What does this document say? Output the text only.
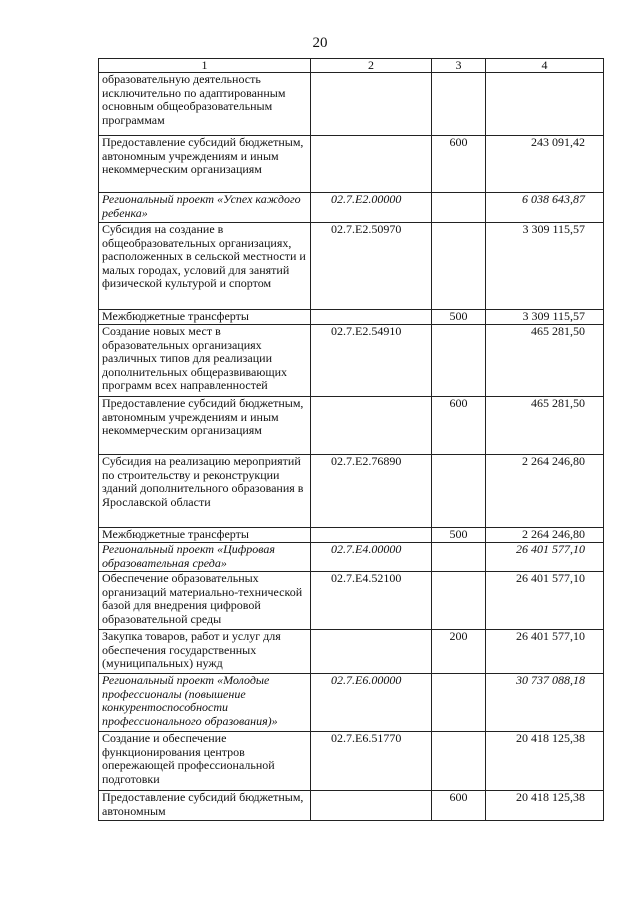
20
1	2	3	4
образовательную деятельность исключительно по адаптированным основным общеобразовательным программам			
Предоставление субсидий бюджетным, автономным учреждениям и иным некоммерческим организациям		600	243 091,42
Региональный проект «Успех каждого ребенка»	02.7.E2.00000		6 038 643,87
Субсидия на создание в общеобразовательных организациях, расположенных в сельской местности и малых городах, условий для занятий физической культурой и спортом	02.7.E2.50970		3 309 115,57
Межбюджетные трансферты		500	3 309 115,57
Создание новых мест в образовательных организациях различных типов для реализации дополнительных общеразвивающих программ всех направленностей	02.7.E2.54910		465 281,50
Предоставление субсидий бюджетным, автономным учреждениям и иным некоммерческим организациям		600	465 281,50
Субсидия на реализацию мероприятий по строительству и реконструкции зданий дополнительного образования в Ярославской области	02.7.E2.76890		2 264 246,80
Межбюджетные трансферты		500	2 264 246,80
Региональный проект «Цифровая образовательная среда»	02.7.E4.00000		26 401 577,10
Обеспечение образовательных организаций материально-технической базой для внедрения цифровой образовательной среды	02.7.E4.52100		26 401 577,10
Закупка товаров, работ и услуг для обеспечения государственных (муниципальных) нужд		200	26 401 577,10
Региональный проект «Молодые профессионалы (повышение конкурентоспособности профессионального образования)»	02.7.E6.00000		30 737 088,18
Создание и обеспечение функционирования центров опережающей профессиональной подготовки	02.7.E6.51770		20 418 125,38
Предоставление субсидий бюджетным, автономным		600	20 418 125,38
